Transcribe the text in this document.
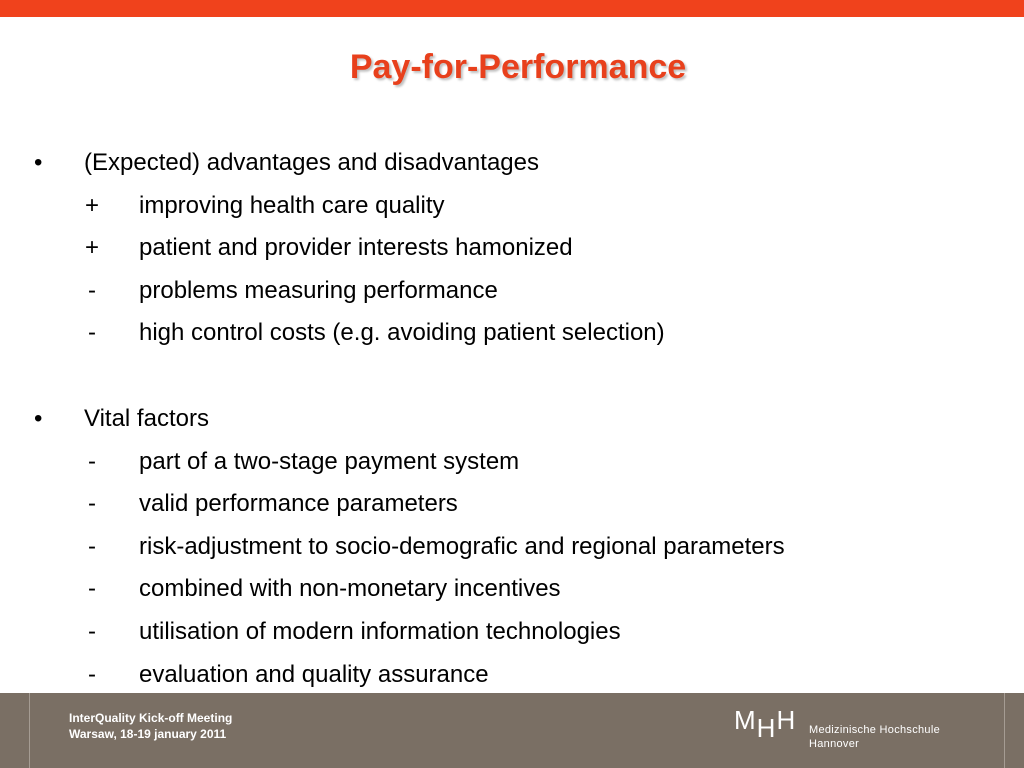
Pay-for-Performance
• (Expected) advantages and disadvantages
+ improving health care quality
+ patient and provider interests hamonized
- problems measuring performance
- high control costs (e.g. avoiding patient selection)
• Vital factors
- part of a two-stage payment system
- valid performance parameters
- risk-adjustment to socio-demografic and regional parameters
- combined with non-monetary incentives
- utilisation of modern information technologies
- evaluation and quality assurance
InterQuality Kick-off Meeting
Warsaw, 18-19 january 2011	MHH Medizinische Hochschule
Hannover
